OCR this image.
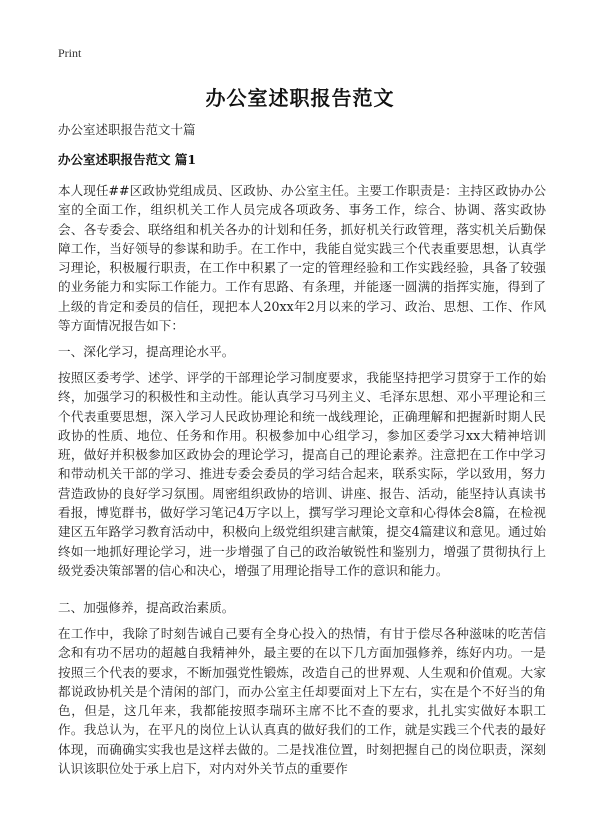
Print
办公室述职报告范文
办公室述职报告范文十篇
办公室述职报告范文 篇1
本人现任##区政协党组成员、区政协、办公室主任。主要工作职责是：主持区政协办公室的全面工作，组织机关工作人员完成各项政务、事务工作，综合、协调、落实政协会、各专委会、联络组和机关各办的计划和任务，抓好机关行政管理，落实机关后勤保障工作，当好领导的参谋和助手。在工作中，我能自觉实践三个代表重要思想，认真学习理论，积极履行职责，在工作中积累了一定的管理经验和工作实践经验，具备了较强的业务能力和实际工作能力。工作有思路、有条理，并能逐一圆满的指挥实施，得到了上级的肯定和委员的信任，现把本人20xx年2月以来的学习、政治、思想、工作、作风等方面情况报告如下：
一、深化学习，提高理论水平。
按照区委考学、述学、评学的干部理论学习制度要求，我能坚持把学习贯穿于工作的始终，加强学习的积极性和主动性。能认真学习马列主义、毛泽东思想、邓小平理论和三个代表重要思想，深入学习人民政协理论和统一战线理论，正确理解和把握新时期人民政协的性质、地位、任务和作用。积极参加中心组学习，参加区委学习xx大精神培训班，做好并积极参加区政协会的理论学习，提高自己的理论素养。注意把在工作中学习和带动机关干部的学习、推进专委会委员的学习结合起来，联系实际，学以致用，努力营造政协的良好学习氛围。周密组织政协的培训、讲座、报告、活动，能坚持认真读书看报，博览群书，做好学习笔记4万字以上，撰写学习理论文章和心得体会8篇，在检视建区五年路学习教育活动中，积极向上级党组织建言献策，提交4篇建议和意见。通过始终如一地抓好理论学习，进一步增强了自己的政治敏锐性和鉴别力，增强了贯彻执行上级党委决策部署的信心和决心，增强了用理论指导工作的意识和能力。
二、加强修养，提高政治素质。
在工作中，我除了时刻告诫自己要有全身心投入的热情，有甘于偿尽各种滋味的吃苦信念和有功不居功的超越自我精神外，最主要的在以下几方面加强修养，练好内功。一是按照三个代表的要求，不断加强党性锻炼，改造自己的世界观、人生观和价值观。大家都说政协机关是个清闲的部门，而办公室主任却要面对上下左右，实在是个不好当的角色，但是，这几年来，我都能按照李瑞环主席不比不查的要求，扎扎实实做好本职工作。我总认为，在平凡的岗位上认认真真的做好我们的工作，就是实践三个代表的最好体现，而确确实实我也是这样去做的。二是找准位置，时刻把握自己的岗位职责，深刻认识该职位处于承上启下，对内对外关节点的重要作
